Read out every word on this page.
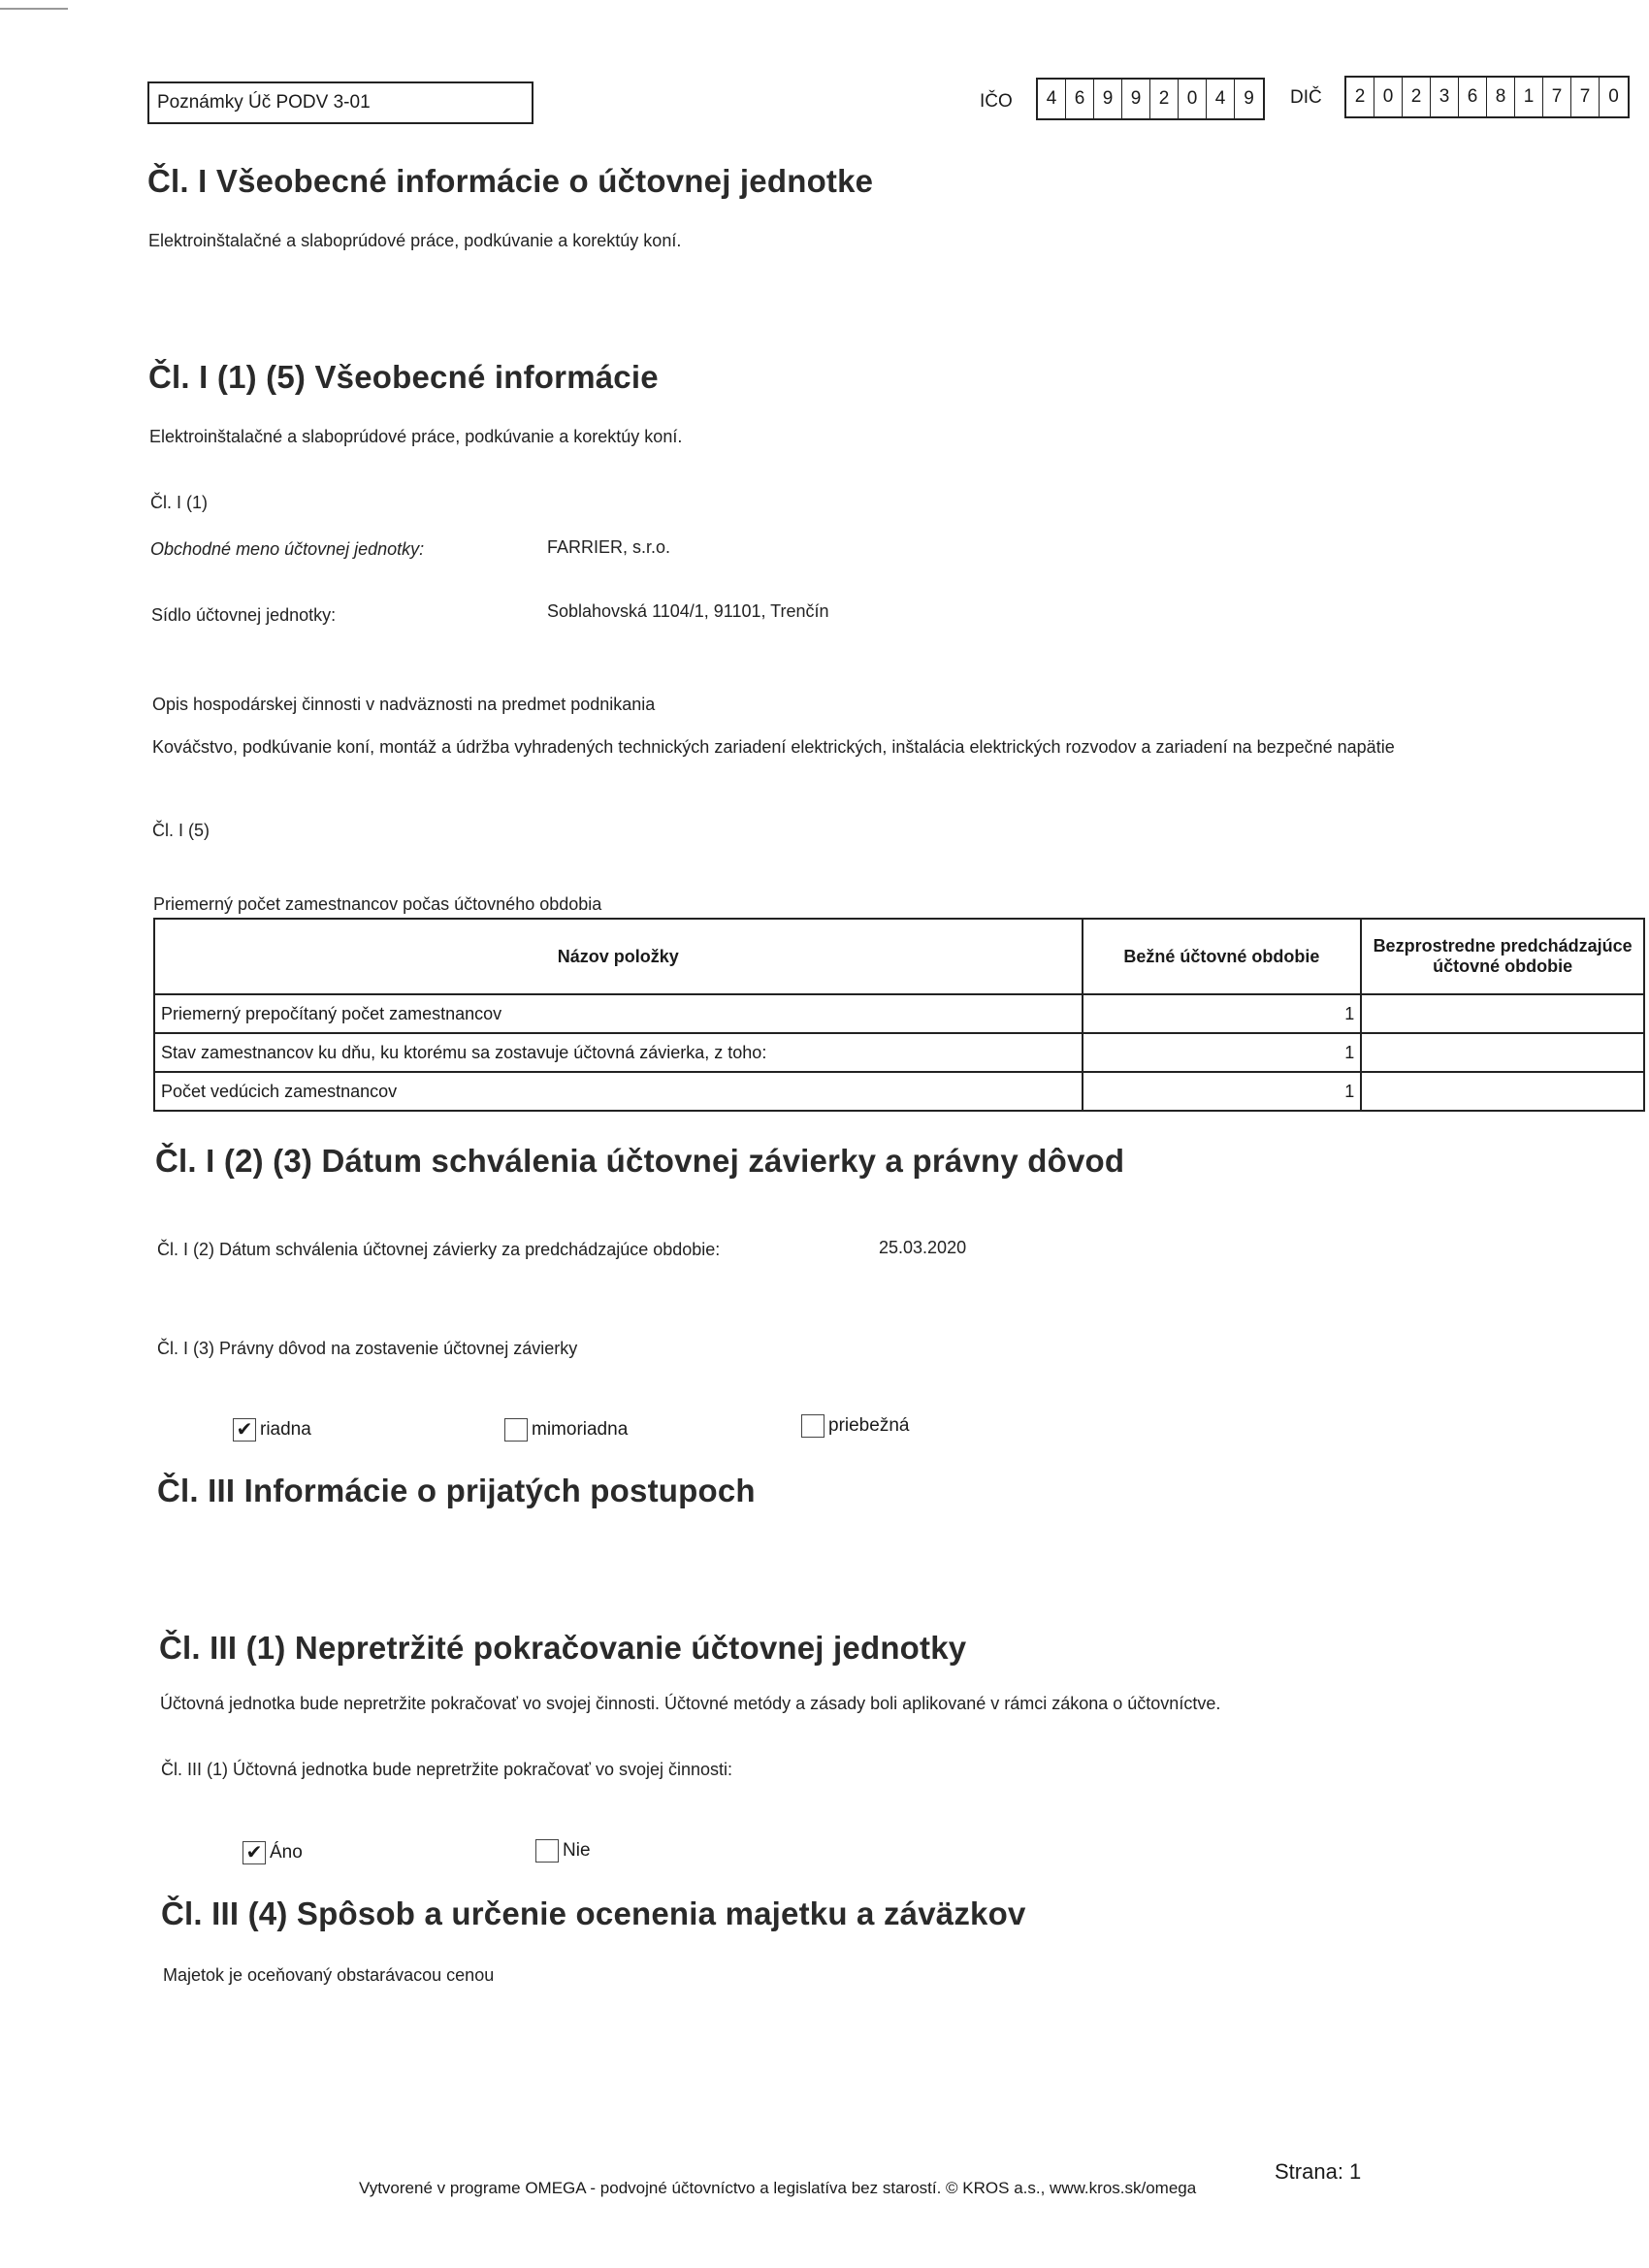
Poznámky Úč PODV 3-01	IČO	4 6 9 9 2 0 4 9	DIČ	2 0 2 3 6 8 1 7 7 0
Čl. I Všeobecné informácie o účtovnej jednotke
Elektroinštalačné a slaboprúdové práce, podkúvanie a korektúy koní.
Čl. I (1) (5) Všeobecné informácie
Elektroinštalačné a slaboprúdové práce, podkúvanie a korektúy koní.
Čl. I (1)
Obchodné meno účtovnej jednotky:	FARRIER, s.r.o.
Sídlo účtovnej jednotky:	Soblahovská 1104/1, 91101, Trenčín
Opis hospodárskej činnosti v nadväznosti na predmet podnikania
Kováčstvo, podkúvanie koní, montáž a údržba vyhradených technických zariadení elektrických, inštalácia elektrických rozvodov a zariadení na bezpečné napätie
Čl. I (5)
Priemerný počet zamestnancov počas účtovného obdobia
Názov položky	Bežné účtovné obdobie	Bezprostredne predchádzajúce účtovné obdobie
Priemerný prepočítaný počet zamestnancov	1	
Stav zamestnancov ku dňu, ku ktorému sa zostavuje účtovná závierka, z toho:	1	
Počet vedúcich zamestnancov	1	
Čl. I (2) (3) Dátum schválenia účtovnej závierky a právny dôvod
Čl. I (2) Dátum schválenia účtovnej závierky za predchádzajúce obdobie:	25.03.2020
Čl. I (3) Právny dôvod na zostavenie účtovnej závierky
✔ riadna	mimoriadna	priebežná
Čl. III Informácie o prijatých postupoch
Čl. III (1) Nepretržité pokračovanie účtovnej jednotky
Účtovná jednotka bude nepretržite pokračovať vo svojej činnosti. Účtovné metódy a zásady boli aplikované v rámci zákona o účtovníctve.
Čl. III (1) Účtovná jednotka bude nepretržite pokračovať vo svojej činnosti:
✔ Áno	Nie
Čl. III (4) Spôsob a určenie ocenenia majetku a záväzkov
Majetok je oceňovaný obstarávacou cenou
Vytvorené v programe OMEGA - podvojné účtovníctvo a legislatíva bez starostí. © KROS a.s., www.kros.sk/omega
Strana: 1
